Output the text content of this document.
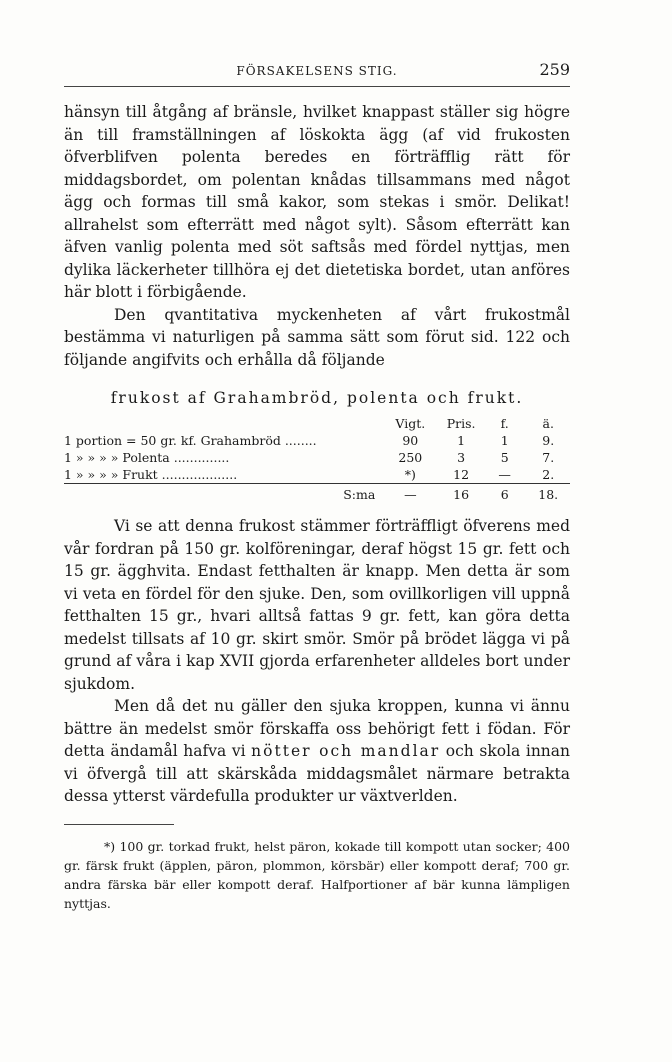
FÖRSAKELSENS STIG.	259

hänsyn till åtgång af bränsle, hvilket knappast ställer sig högre än till framställningen af löskokta ägg (af vid frukosten öfverblifven polenta beredes en förträfflig rätt för middagsbordet, om polentan knådas tillsammans med något ägg och formas till små kakor, som stekas i smör. Delikat! allrahelst som efterrätt med något sylt). Såsom efterrätt kan äfven vanlig polenta med söt saftsås med fördel nyttjas, men dylika läckerheter tillhöra ej det dietetiska bordet, utan anföres här blott i förbigående.

Den qvantitativa myckenheten af vårt frukostmål bestämma vi naturligen på samma sätt som förut sid. 122 och följande angifvits och erhålla då följande

frukost af Grahambröd, polenta och frukt.
	Vigt.	Pris.	f.	ä.
1 portion = 50 gr. kf. Grahambröd ........	90	1	1	9.
1 » » » » Polenta ..............	250	3	5	7.
1 » » » » Frukt ...................	*)	12	—	2.
S:ma	—	16	6	18.

Vi se att denna frukost stämmer förträffligt öfverens med vår fordran på 150 gr. kolföreningar, deraf högst 15 gr. fett och 15 gr. ägghvita. Endast fetthalten är knapp. Men detta är som vi veta en fördel för den sjuke. Den, som ovillkorligen vill uppnå fetthalten 15 gr., hvari alltså fattas 9 gr. fett, kan göra detta medelst tillsats af 10 gr. skirt smör. Smör på brödet lägga vi på grund af våra i kap XVII gjorda erfarenheter alldeles bort under sjukdom.

Men då det nu gäller den sjuka kroppen, kunna vi ännu bättre än medelst smör förskaffa oss behörigt fett i födan. För detta ändamål hafva vi nötter och mandlar och skola innan vi öfvergå till att skärskåda middagsmålet närmare betrakta dessa ytterst värdefulla produkter ur växtverlden.

*) 100 gr. torkad frukt, helst päron, kokade till kompott utan socker; 400 gr. färsk frukt (äpplen, päron, plommon, körsbär) eller kompott deraf; 700 gr. andra färska bär eller kompott deraf. Halfportioner af bär kunna lämpligen nyttjas.
